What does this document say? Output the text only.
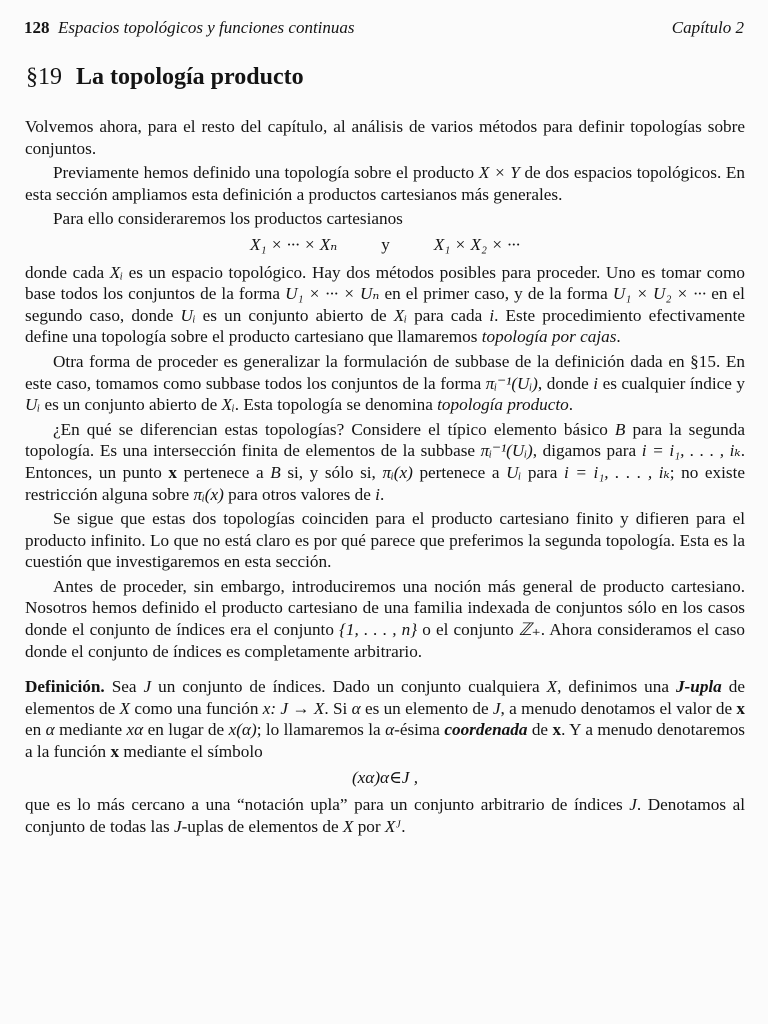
128 Espacios topológicos y funciones continuas	Capítulo 2
§19 La topología producto

Volvemos ahora, para el resto del capítulo, al análisis de varios métodos para definir topologías sobre conjuntos.

Previamente hemos definido una topología sobre el producto X × Y de dos espacios topológicos. En esta sección ampliamos esta definición a productos cartesianos más generales.

Para ello consideraremos los productos cartesianos

X₁ × ··· × Xₙ	y	X₁ × X₂ × ···

donde cada Xᵢ es un espacio topológico. Hay dos métodos posibles para proceder. Uno es tomar como base todos los conjuntos de la forma U₁ × ··· × Uₙ en el primer caso, y de la forma U₁ × U₂ × ··· en el segundo caso, donde Uᵢ es un conjunto abierto de Xᵢ para cada i. Este procedimiento efectivamente define una topología sobre el producto cartesiano que llamaremos topología por cajas.

Otra forma de proceder es generalizar la formulación de subbase de la definición dada en §15. En este caso, tomamos como subbase todos los conjuntos de la forma πᵢ⁻¹(Uᵢ), donde i es cualquier índice y Uᵢ es un conjunto abierto de Xᵢ. Esta topología se denomina topología producto.

¿En qué se diferencian estas topologías? Considere el típico elemento básico B para la segunda topología. Es una intersección finita de elementos de la subbase πᵢ⁻¹(Uᵢ), digamos para i = i₁, . . . , iₖ. Entonces, un punto x pertenece a B si, y sólo si, πᵢ(x) pertenece a Uᵢ para i = i₁, . . . , iₖ; no existe restricción alguna sobre πᵢ(x) para otros valores de i.

Se sigue que estas dos topologías coinciden para el producto cartesiano finito y difieren para el producto infinito. Lo que no está claro es por qué parece que preferimos la segunda topología. Esta es la cuestión que investigaremos en esta sección.

Antes de proceder, sin embargo, introduciremos una noción más general de producto cartesiano. Nosotros hemos definido el producto cartesiano de una familia indexada de conjuntos sólo en los casos donde el conjunto de índices era el conjunto {1, . . . , n} o el conjunto ℤ₊. Ahora consideramos el caso donde el conjunto de índices es completamente arbitrario.

Definición. Sea J un conjunto de índices. Dado un conjunto cualquiera X, definimos una J-upla de elementos de X como una función x: J → X. Si α es un elemento de J, a menudo denotamos el valor de x en α mediante xα en lugar de x(α); lo llamaremos la α-ésima coordenada de x. Y a menudo denotaremos a la función x mediante el símbolo

(xα)α∈J ,

que es lo más cercano a una “notación upla” para un conjunto arbitrario de índices J. Denotamos al conjunto de todas las J-uplas de elementos de X por Xᴶ.
